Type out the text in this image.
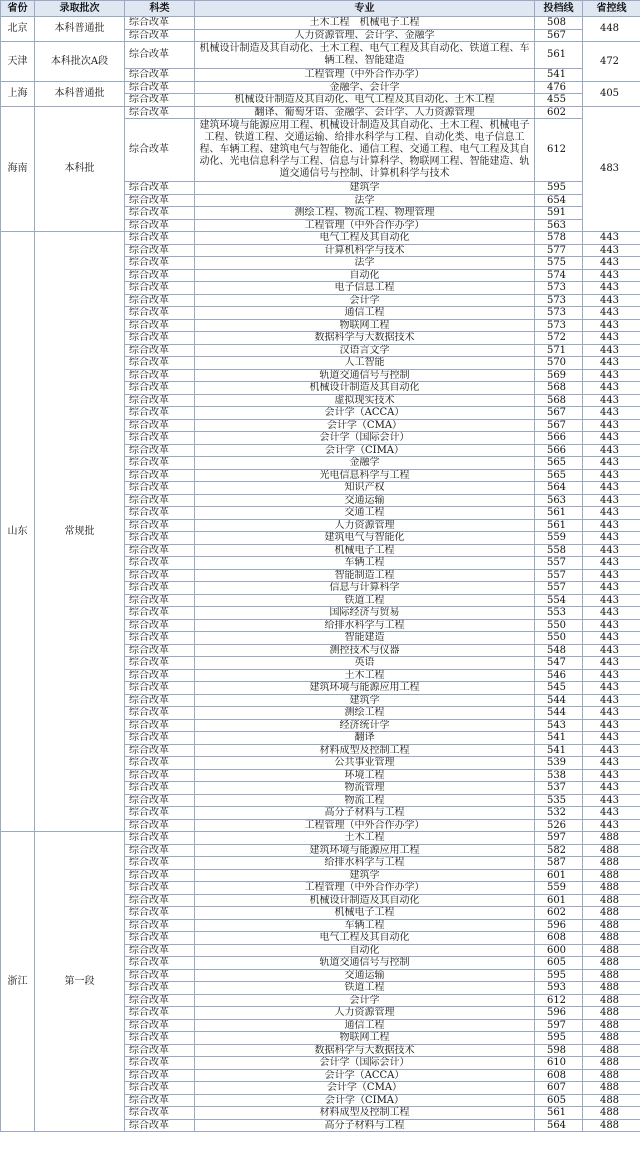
省份	录取批次	科类	专业	投档线	省控线
北京	本科普通批	综合改革	土木工程　机械电子工程	508	448
		综合改革	人力资源管理、会计学、金融学	567	
天津	本科批次A段	综合改革	机械设计制造及其自动化、土木工程、电气工程及其自动化、铁道工程、车辆工程、智能建造	561	472
		综合改革	工程管理（中外合作办学）	541	
上海	本科普通批	综合改革	金融学、会计学	476	405
		综合改革	机械设计制造及其自动化、电气工程及其自动化、土木工程	455	
海南	本科批	综合改革	翻译、葡萄牙语、金融学、会计学、人力资源管理	602	483
		综合改革	建筑环境与能源应用工程、机械设计制造及其自动化、土木工程、机械电子工程、铁道工程、交通运输、给排水科学与工程、自动化类、电子信息工程、车辆工程、建筑电气与智能化、通信工程、交通工程、电气工程及其自动化、光电信息科学与工程、信息与计算科学、物联网工程、智能建造、轨道交通信号与控制、计算机科学与技术	612	
		综合改革	建筑学	595	
		综合改革	法学	654	
		综合改革	测绘工程、物流工程、物理管理	591	
		综合改革	工程管理（中外合作办学）	563	
山东	常规批	综合改革	电气工程及其自动化	578	443
		综合改革	计算机科学与技术	577	443
		综合改革	法学	575	443
		综合改革	自动化	574	443
		综合改革	电子信息工程	573	443
		综合改革	会计学	573	443
		综合改革	通信工程	573	443
		综合改革	物联网工程	573	443
		综合改革	数据科学与大数据技术	572	443
		综合改革	汉语言文学	571	443
		综合改革	人工智能	570	443
		综合改革	轨道交通信号与控制	569	443
		综合改革	机械设计制造及其自动化	568	443
		综合改革	虚拟现实技术	568	443
		综合改革	会计学（ACCA）	567	443
		综合改革	会计学（CMA）	567	443
		综合改革	会计学（国际会计）	566	443
		综合改革	会计学（CIMA）	566	443
		综合改革	金融学	565	443
		综合改革	光电信息科学与工程	565	443
		综合改革	知识产权	564	443
		综合改革	交通运输	563	443
		综合改革	交通工程	561	443
		综合改革	人力资源管理	561	443
		综合改革	建筑电气与智能化	559	443
		综合改革	机械电子工程	558	443
		综合改革	车辆工程	557	443
		综合改革	智能制造工程	557	443
		综合改革	信息与计算科学	557	443
		综合改革	铁道工程	554	443
		综合改革	国际经济与贸易	553	443
		综合改革	给排水科学与工程	550	443
		综合改革	智能建造	550	443
		综合改革	测控技术与仪器	548	443
		综合改革	英语	547	443
		综合改革	土木工程	546	443
		综合改革	建筑环境与能源应用工程	545	443
		综合改革	建筑学	544	443
		综合改革	测绘工程	544	443
		综合改革	经济统计学	543	443
		综合改革	翻译	541	443
		综合改革	材料成型及控制工程	541	443
		综合改革	公共事业管理	539	443
		综合改革	环境工程	538	443
		综合改革	物流管理	537	443
		综合改革	物流工程	535	443
		综合改革	高分子材料与工程	532	443
		综合改革	工程管理（中外合作办学）	526	443
浙江	第一段	综合改革	土木工程	597	488
		综合改革	建筑环境与能源应用工程	582	488
		综合改革	给排水科学与工程	587	488
		综合改革	建筑学	601	488
		综合改革	工程管理（中外合作办学）	559	488
		综合改革	机械设计制造及其自动化	601	488
		综合改革	机械电子工程	602	488
		综合改革	车辆工程	596	488
		综合改革	电气工程及其自动化	608	488
		综合改革	自动化	600	488
		综合改革	轨道交通信号与控制	605	488
		综合改革	交通运输	595	488
		综合改革	铁道工程	593	488
		综合改革	会计学	612	488
		综合改革	人力资源管理	596	488
		综合改革	通信工程	597	488
		综合改革	物联网工程	595	488
		综合改革	数据科学与大数据技术	598	488
		综合改革	会计学（国际会计）	610	488
		综合改革	会计学（ACCA）	608	488
		综合改革	会计学（CMA）	607	488
		综合改革	会计学（CIMA）	605	488
		综合改革	材料成型及控制工程	561	488
		综合改革	高分子材料与工程	564	488
